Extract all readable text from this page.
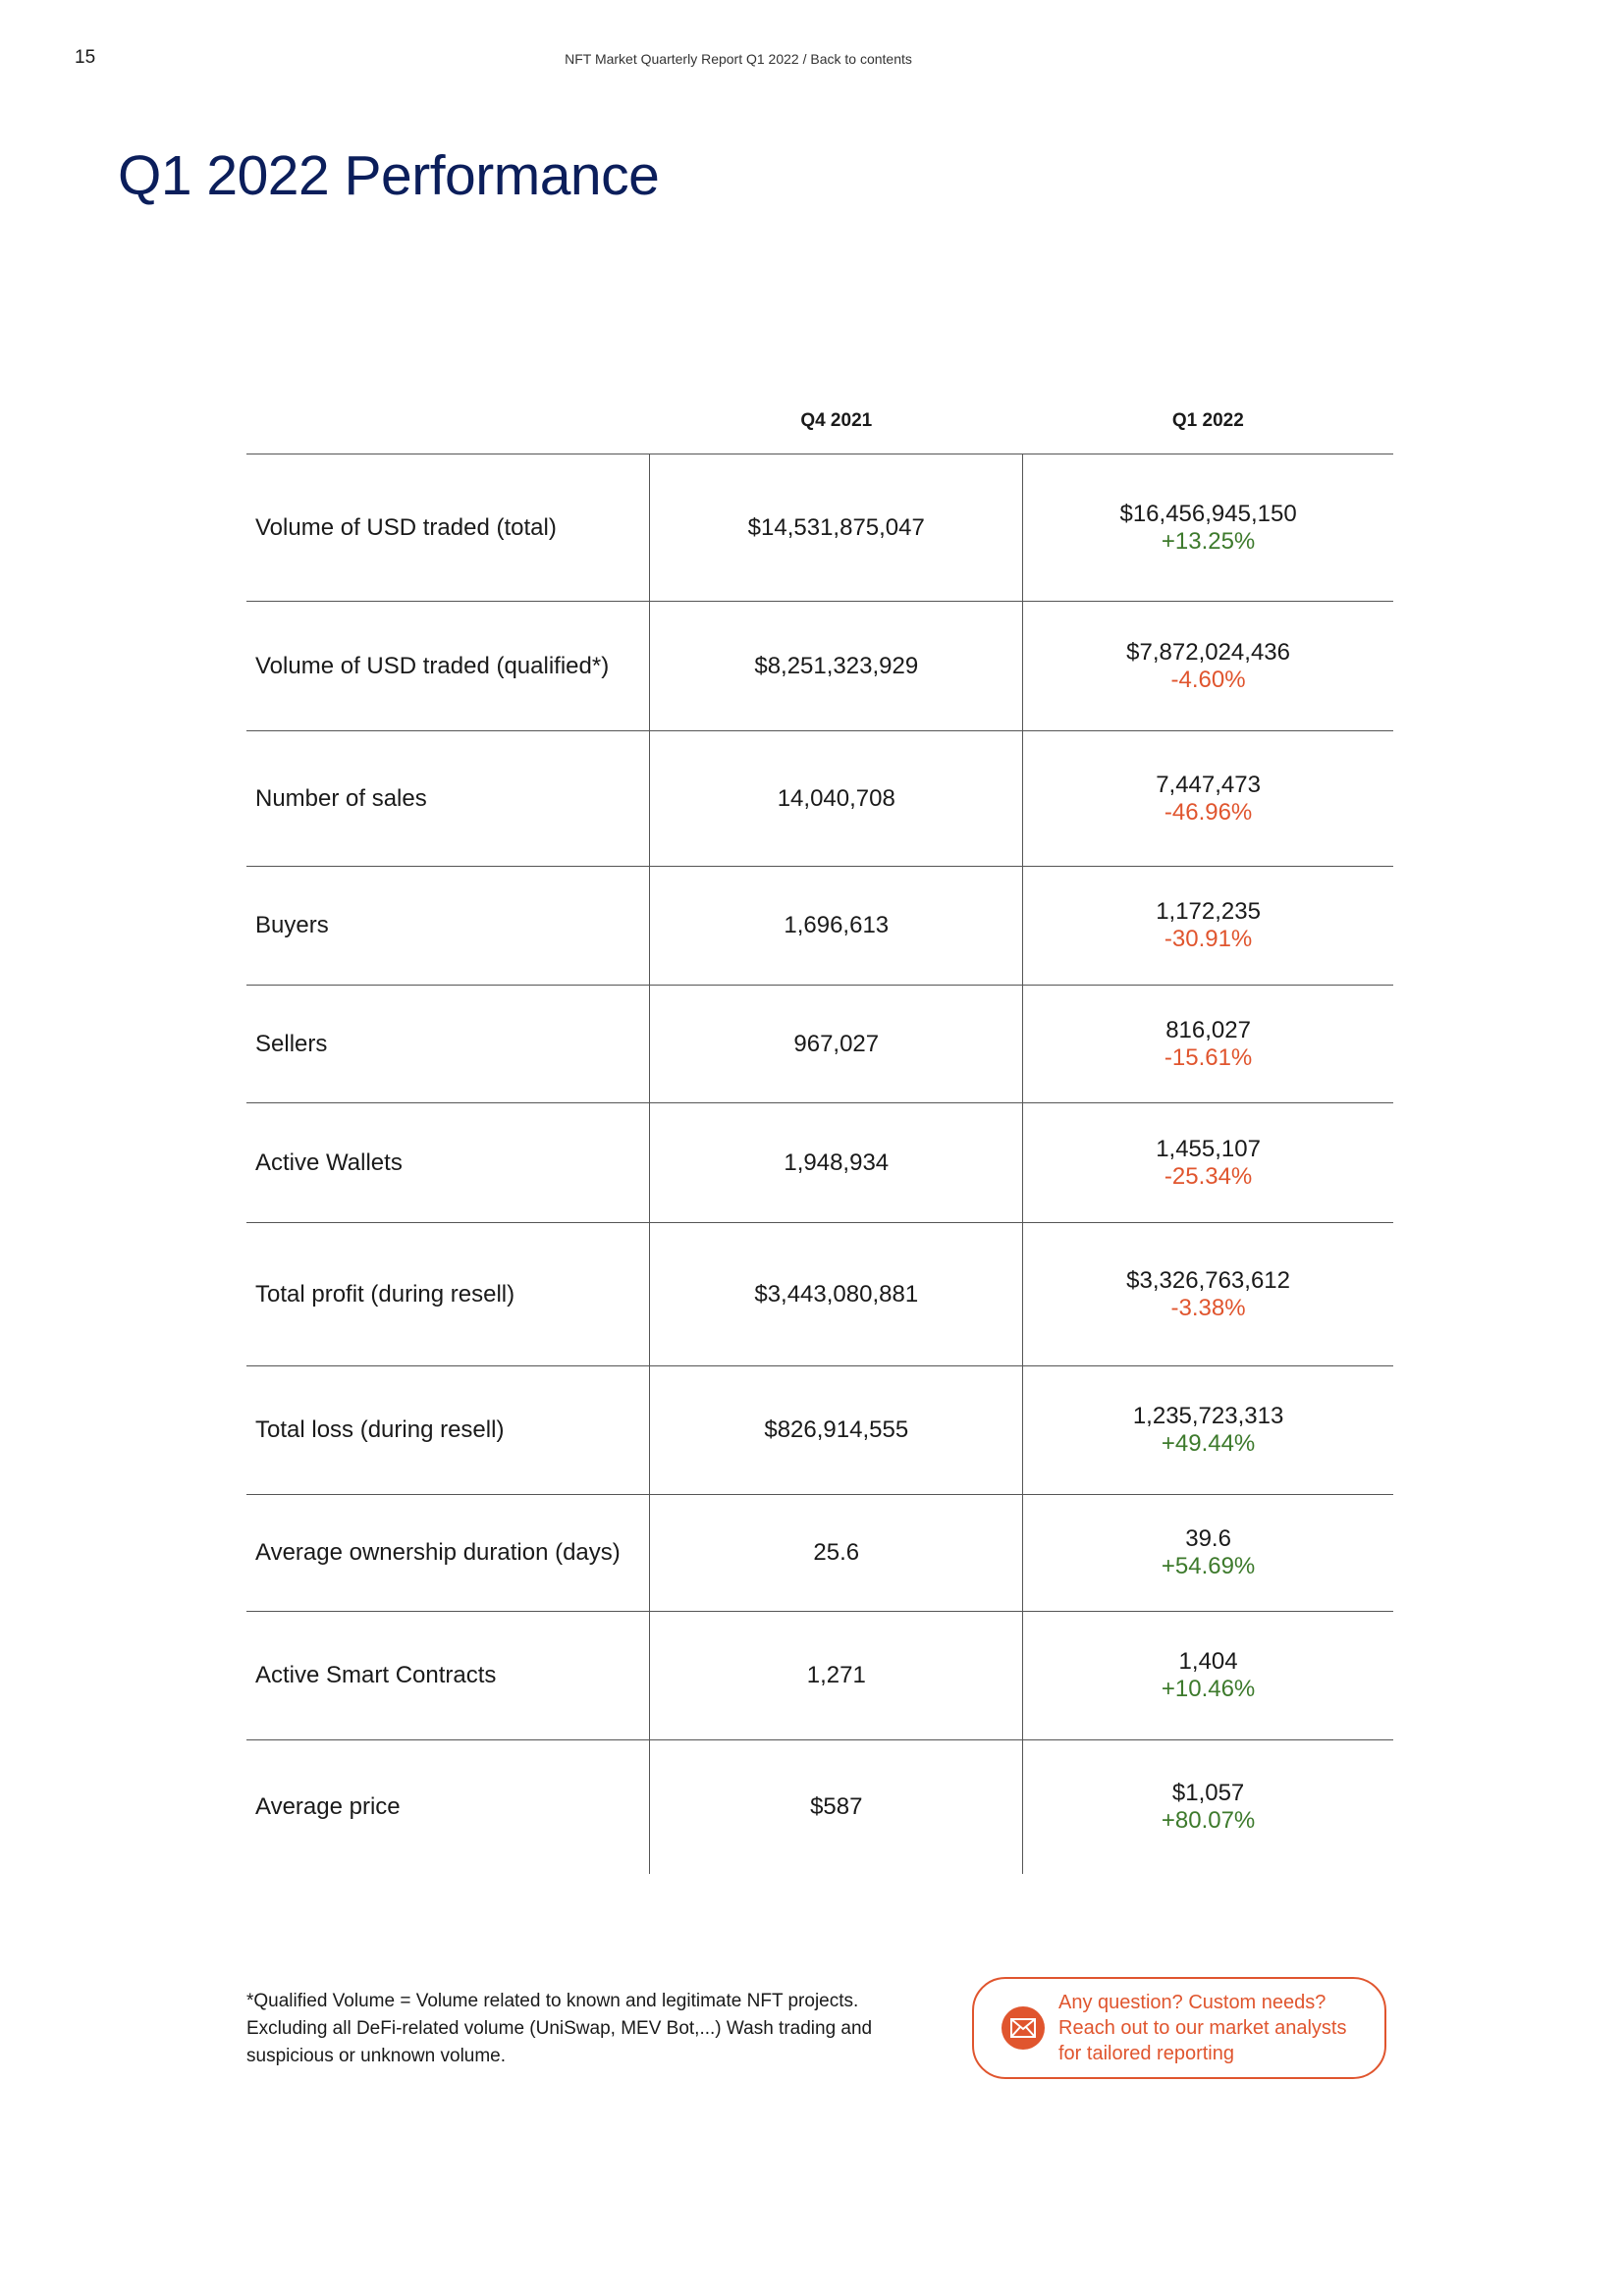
15	NFT Market Quarterly Report Q1 2022 / Back to contents
Q1 2022 Performance
	Q4 2021	Q1 2022
Volume of USD traded (total)	$14,531,875,047	$16,456,945,150
+13.25%

Volume of USD traded (qualified*)	$8,251,323,929	$7,872,024,436
-4.60%

Number of sales	14,040,708	7,447,473
-46.96%

Buyers	1,696,613	1,172,235
-30.91%

Sellers	967,027	816,027
-15.61%

Active Wallets	1,948,934	1,455,107
-25.34%

Total profit (during resell)	$3,443,080,881	$3,326,763,612
-3.38%

Total loss (during resell)	$826,914,555	1,235,723,313
+49.44%

Average ownership duration (days)	25.6	39.6
+54.69%

Active Smart Contracts	1,271	1,404
+10.46%

Average price	$587	$1,057
+80.07%
*Qualified Volume = Volume related to known and legitimate NFT projects. Excluding all DeFi-related volume (UniSwap, MEV Bot,...) Wash trading and suspicious or unknown volume.
Any question? Custom needs?
Reach out to our market analysts
for tailored reporting
